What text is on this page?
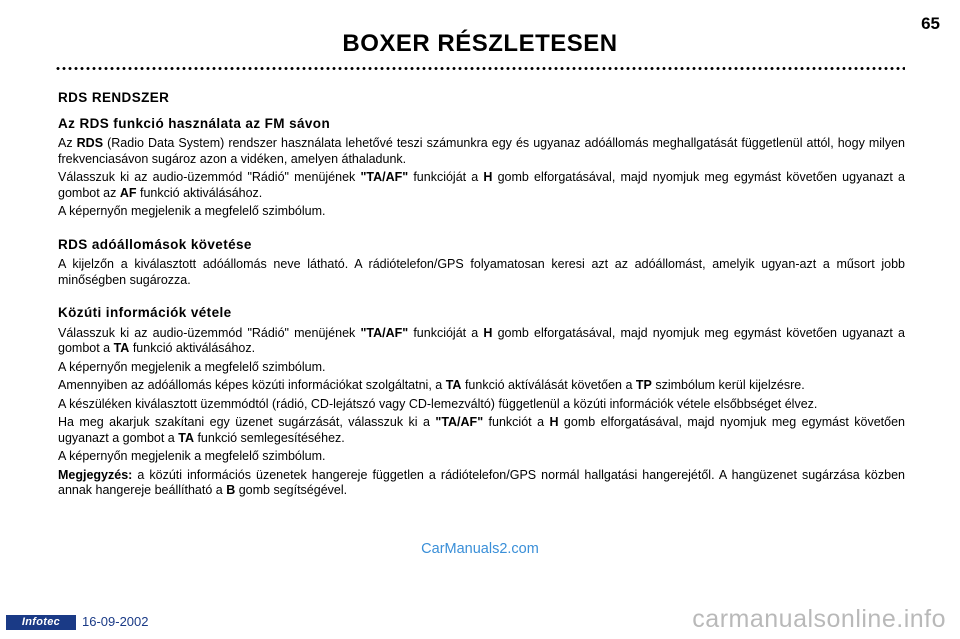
BOXER RÉSZLETESEN
65
RDS RENDSZER
Az RDS funkció használata az FM sávon
Az RDS (Radio Data System) rendszer használata lehetővé teszi számunkra egy és ugyanaz adóállomás meghallgatását függetlenül attól, hogy milyen frekvenciasávon sugároz azon a vidéken, amelyen áthaladunk.
Válasszuk ki az audio-üzemmód "Rádió" menüjének "TA/AF" funkcióját a H gomb elforgatásával, majd nyomjuk meg egymást követően ugyanazt a gombot az AF funkció aktiválásához.
A képernyőn megjelenik a megfelelő szimbólum.
RDS adóállomások követése
A kijelzőn a kiválasztott adóállomás neve látható. A rádiótelefon/GPS folyamatosan keresi azt az adóállomást, amelyik ugyan-azt a műsort jobb minőségben sugározza.
Közúti információk vétele
Válasszuk ki az audio-üzemmód "Rádió" menüjének "TA/AF" funkcióját a H gomb elforgatásával, majd nyomjuk meg egymást követően ugyanazt a gombot a TA funkció aktiválásához.
A képernyőn megjelenik a megfelelő szimbólum.
Amennyiben az adóállomás képes közúti információkat szolgáltatni, a TA funkció aktíválását követően a TP szimbólum kerül kijelzésre.
A készüléken kiválasztott üzemmódtól (rádió, CD-lejátszó vagy CD-lemezváltó) függetlenül a közúti információk vétele elsőbbséget élvez.
Ha meg akarjuk szakítani egy üzenet sugárzását, válasszuk ki a "TA/AF" funkciót a H gomb elforgatásával, majd nyomjuk meg egymást követően ugyanazt a gombot a TA funkció semlegesítéséhez.
A képernyőn megjelenik a megfelelő szimbólum.
Megjegyzés: a közúti információs üzenetek hangereje független a rádiótelefon/GPS normál hallgatási hangerejétől. A hangüzenet sugárzása közben annak hangereje beállítható a B gomb segítségével.
CarManuals2.com
Infotec	16-09-2002	carmanualsonline.info
